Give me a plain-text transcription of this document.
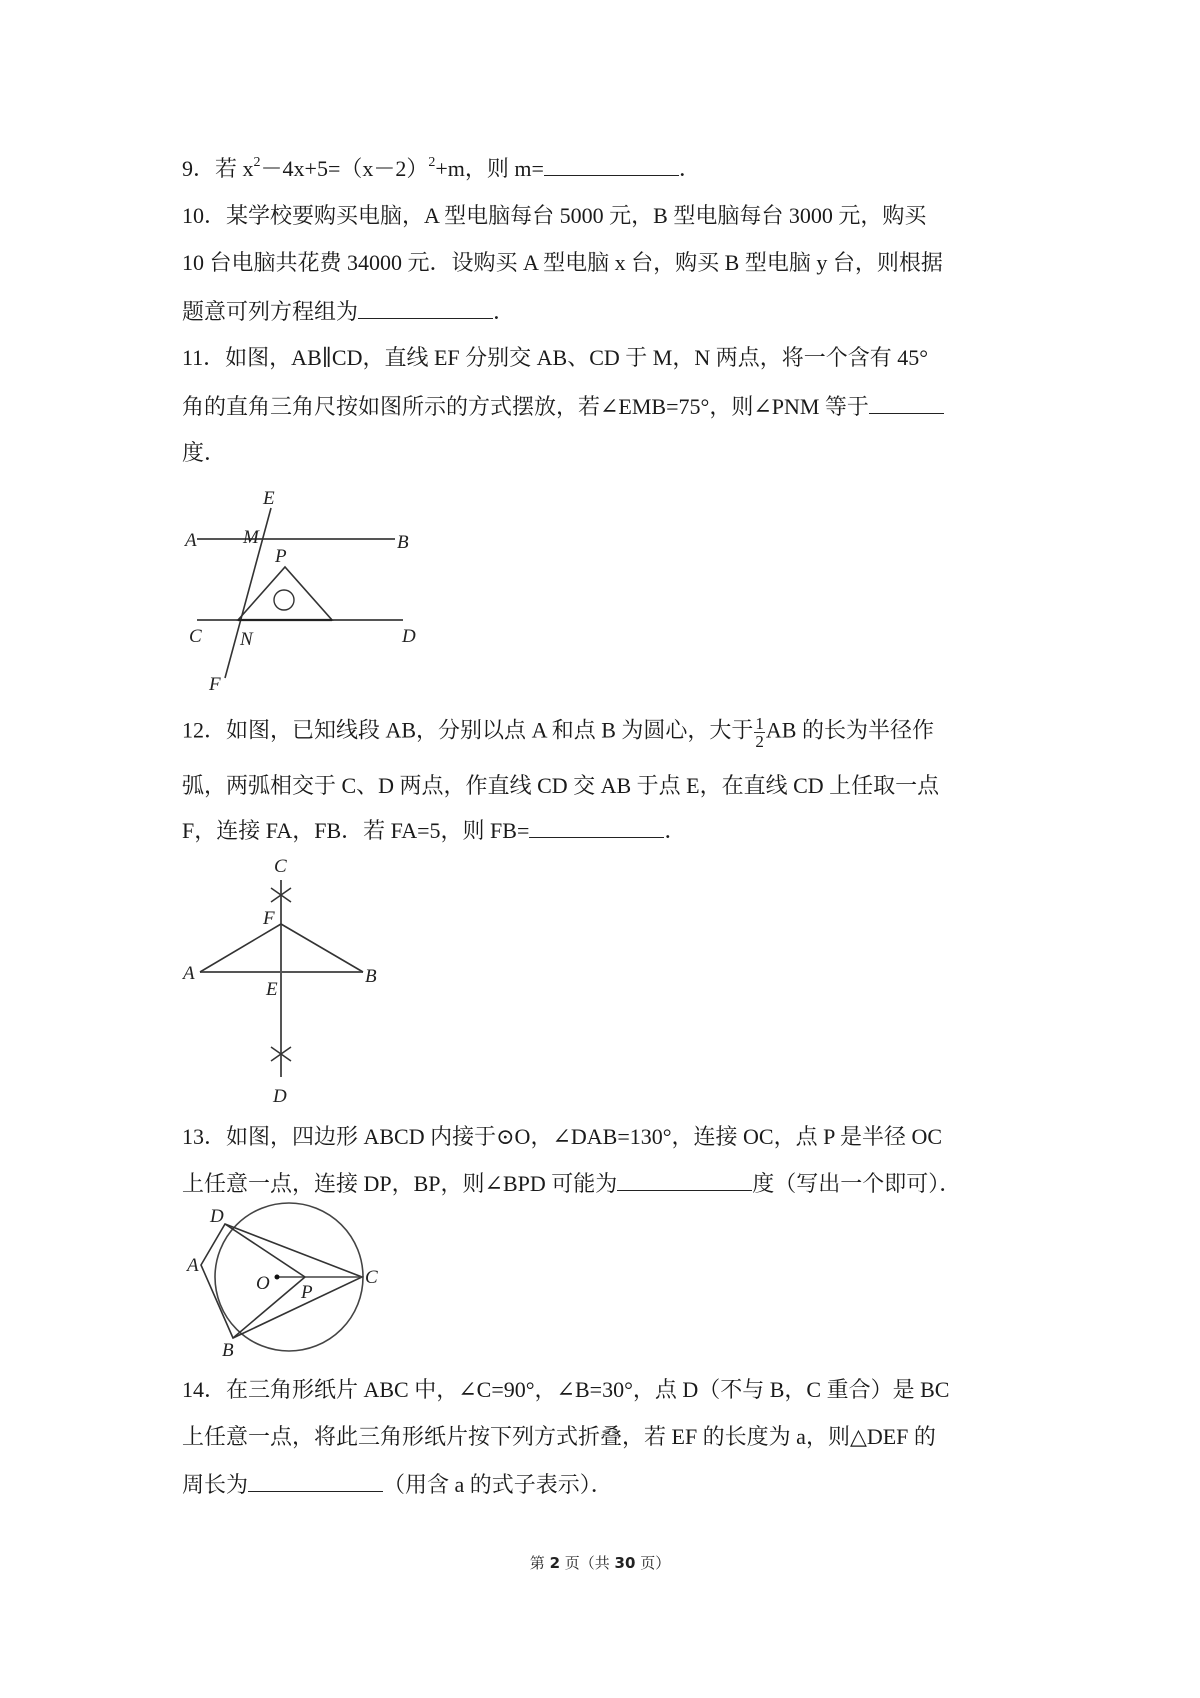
9．若 $x^2-4x+5=(x-2)^2+m$，则 m=	．
10．某学校要购买电脑，A 型电脑每台 5000 元，B 型电脑每台 3000 元，购买
10 台电脑共花费 34000 元．设购买 A 型电脑 x 台，购买 B 型电脑 y 台，则根据
题意可列方程组为	．
11．如图，AB∥CD，直线 EF 分别交 AB、CD 于 M，N 两点，将一个含有 45°
角的直角三角尺按如图所示的方式摆放，若∠EMB=75°，则∠PNM 等于
度．
E
A M	B
P
C N	D
F
12．如图，已知线段 AB，分别以点 A 和点 B 为圆心，大于 $\frac{1}{2}$ AB 的长为半径作
弧，两弧相交于 C、D 两点，作直线 CD 交 AB 于点 E，在直线 CD 上任取一点
F，连接 FA，FB．若 FA=5，则 FB=	．
C
F
A	B
E
D
13．如图，四边形 ABCD 内接于⊙O，∠DAB=130°，连接 OC，点 P 是半径 OC
上任意一点，连接 DP，BP，则∠BPD 可能为	度（写出一个即可）．
D
A
O P
C
B
14．在三角形纸片 ABC 中，∠C=90°，∠B=30°，点 D（不与 B，C 重合）是 BC
上任意一点，将此三角形纸片按下列方式折叠，若 EF 的长度为 a，则△DEF 的
周长为	（用含 a 的式子表示）．
第 2 页（共 30 页）
